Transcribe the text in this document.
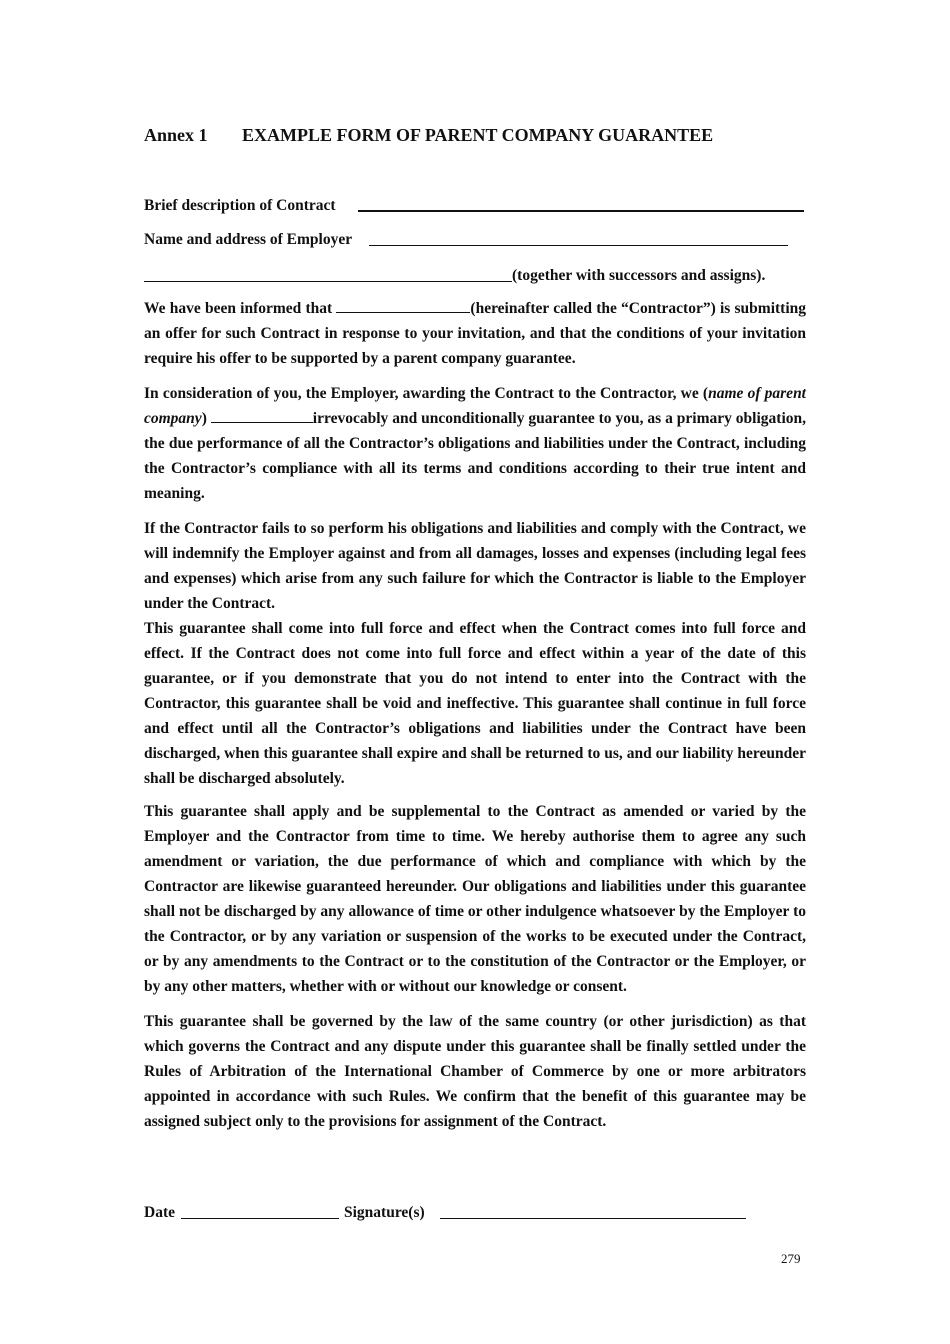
Annex 1 EXAMPLE FORM OF PARENT COMPANY GUARANTEE
Brief description of Contract
Name and address of Employer
(together with successors and assigns).

We have been informed that	(hereinafter called the “Contractor”) is submitting an offer for such Contract in response to your invitation, and that the conditions of your invitation require his offer to be supported by a parent company guarantee.

In consideration of you, the Employer, awarding the Contract to the Contractor, we (name of parent company)	irrevocably and unconditionally guarantee to you, as a primary obligation, the due performance of all the Contractor’s obligations and liabilities under the Contract, including the Contractor’s compliance with all its terms and conditions according to their true intent and meaning.

If the Contractor fails to so perform his obligations and liabilities and comply with the Contract, we will indemnify the Employer against and from all damages, losses and expenses (including legal fees and expenses) which arise from any such failure for which the Contractor is liable to the Employer under the Contract.

This guarantee shall come into full force and effect when the Contract comes into full force and effect. If the Contract does not come into full force and effect within a year of the date of this guarantee, or if you demonstrate that you do not intend to enter into the Contract with the Contractor, this guarantee shall be void and ineffective. This guarantee shall continue in full force and effect until all the Contractor’s obligations and liabilities under the Contract have been discharged, when this guarantee shall expire and shall be returned to us, and our liability hereunder shall be discharged absolutely.

This guarantee shall apply and be supplemental to the Contract as amended or varied by the Employer and the Contractor from time to time. We hereby authorise them to agree any such amendment or variation, the due performance of which and compliance with which by the Contractor are likewise guaranteed hereunder. Our obligations and liabilities under this guarantee shall not be discharged by any allowance of time or other indulgence whatsoever by the Employer to the Contractor, or by any variation or suspension of the works to be executed under the Contract, or by any amendments to the Contract or to the constitution of the Contractor or the Employer, or by any other matters, whether with or without our knowledge or consent.

This guarantee shall be governed by the law of the same country (or other jurisdiction) as that which governs the Contract and any dispute under this guarantee shall be finally settled under the Rules of Arbitration of the International Chamber of Commerce by one or more arbitrators appointed in accordance with such Rules. We confirm that the benefit of this guarantee may be assigned subject only to the provisions for assignment of the Contract.

Date	Signature(s)
279
